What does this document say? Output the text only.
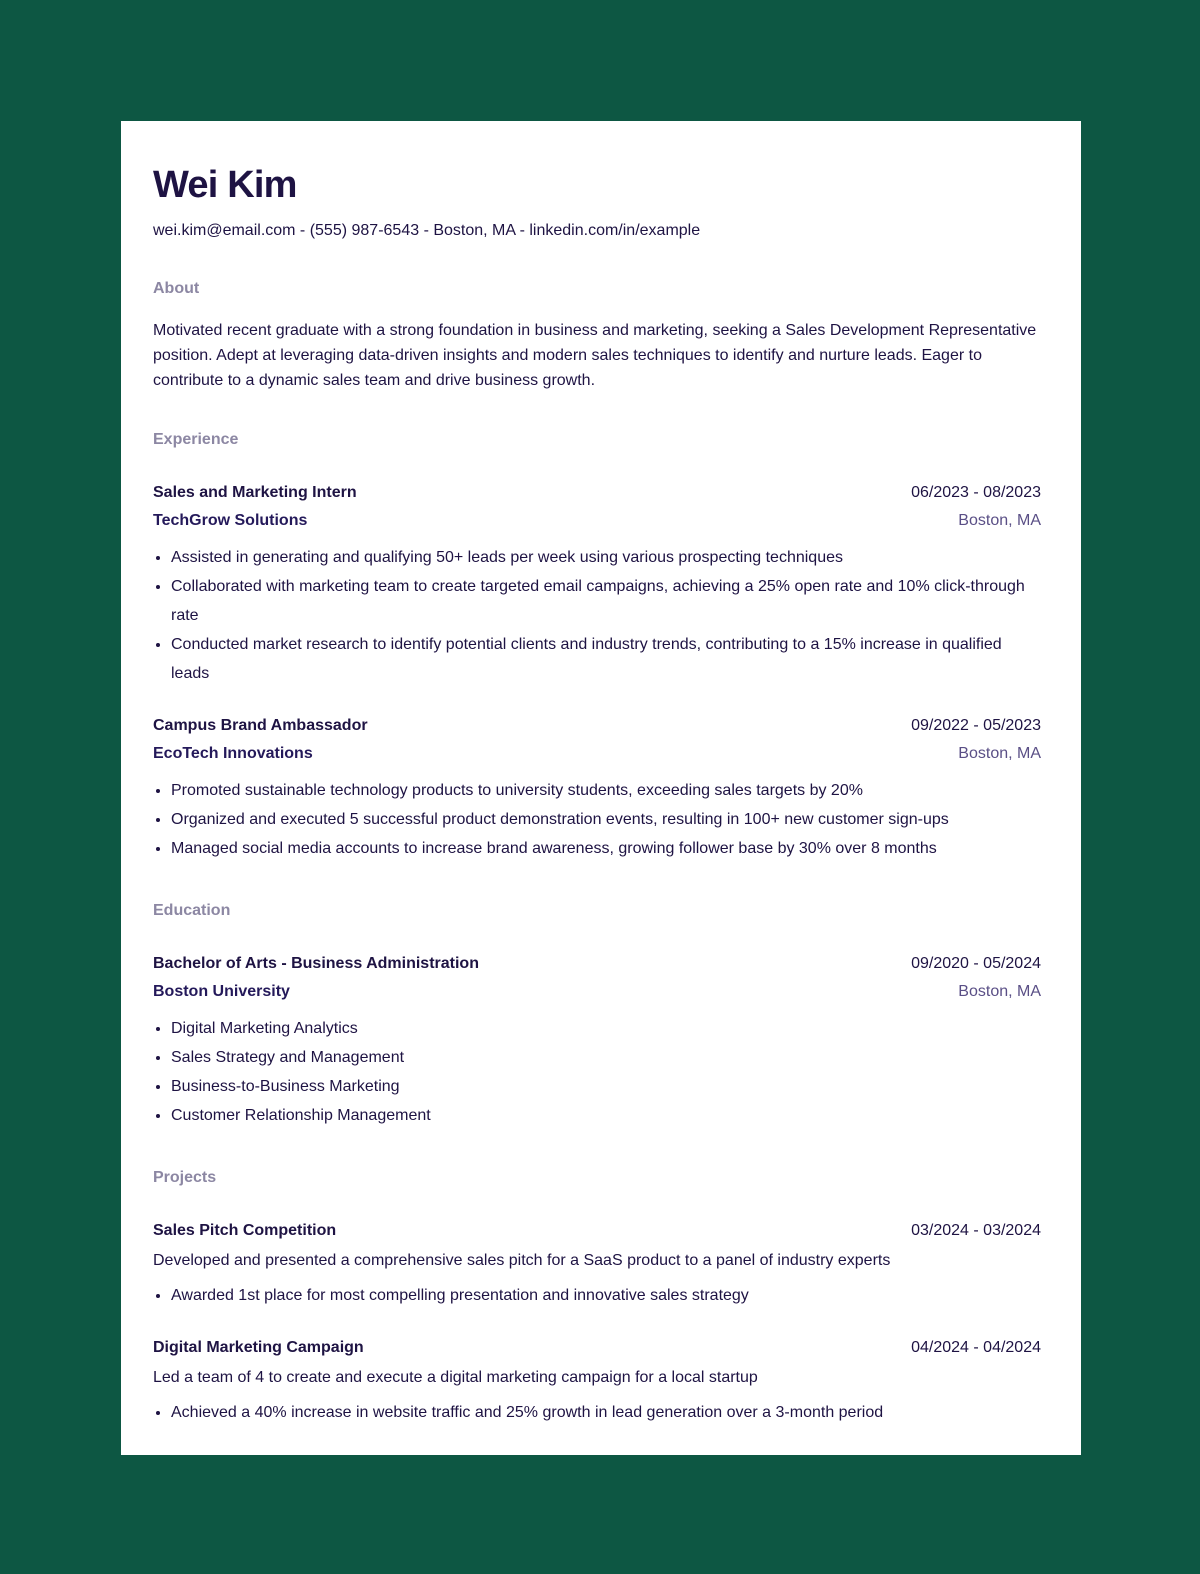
Wei Kim
wei.kim@email.com - (555) 987-6543 - Boston, MA - linkedin.com/in/example
About
Motivated recent graduate with a strong foundation in business and marketing, seeking a Sales Development Representative position. Adept at leveraging data-driven insights and modern sales techniques to identify and nurture leads. Eager to contribute to a dynamic sales team and drive business growth.
Experience
Sales and Marketing Intern	06/2023 - 08/2023
TechGrow Solutions	Boston, MA
• Assisted in generating and qualifying 50+ leads per week using various prospecting techniques
• Collaborated with marketing team to create targeted email campaigns, achieving a 25% open rate and 10% click-through rate
• Conducted market research to identify potential clients and industry trends, contributing to a 15% increase in qualified leads
Campus Brand Ambassador	09/2022 - 05/2023
EcoTech Innovations	Boston, MA
• Promoted sustainable technology products to university students, exceeding sales targets by 20%
• Organized and executed 5 successful product demonstration events, resulting in 100+ new customer sign-ups
• Managed social media accounts to increase brand awareness, growing follower base by 30% over 8 months
Education
Bachelor of Arts - Business Administration	09/2020 - 05/2024
Boston University	Boston, MA
• Digital Marketing Analytics
• Sales Strategy and Management
• Business-to-Business Marketing
• Customer Relationship Management
Projects
Sales Pitch Competition	03/2024 - 03/2024
Developed and presented a comprehensive sales pitch for a SaaS product to a panel of industry experts
• Awarded 1st place for most compelling presentation and innovative sales strategy
Digital Marketing Campaign	04/2024 - 04/2024
Led a team of 4 to create and execute a digital marketing campaign for a local startup
• Achieved a 40% increase in website traffic and 25% growth in lead generation over a 3-month period
